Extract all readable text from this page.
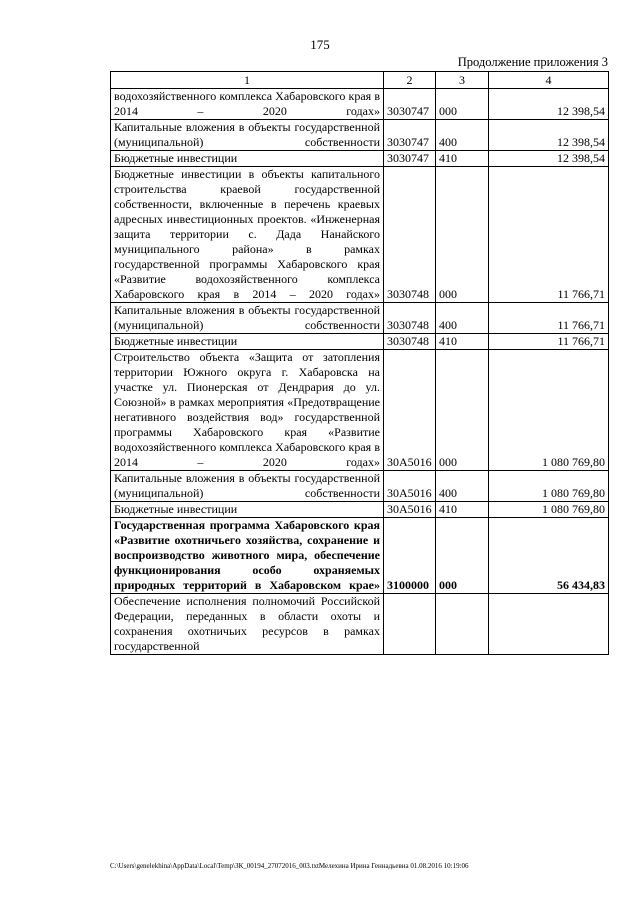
175
Продолжение приложения 3
1	2	3	4
водохозяйственного комплекса Хабаровского края в 2014 – 2020 годах»	3030747	000	12 398,54
Капитальные вложения в объекты государственной (муниципальной) собственности	3030747	400	12 398,54
Бюджетные инвестиции	3030747	410	12 398,54
Бюджетные инвестиции в объекты капитального строительства краевой государственной собственности, включенные в перечень краевых адресных инвестиционных проектов. «Инженерная защита территории с. Дада Нанайского муниципального района» в рамках государственной программы Хабаровского края «Развитие водохозяйственного комплекса Хабаровского края в 2014 – 2020 годах»	3030748	000	11 766,71
Капитальные вложения в объекты государственной (муниципальной) собственности	3030748	400	11 766,71
Бюджетные инвестиции	3030748	410	11 766,71
Строительство объекта «Защита от затопления территории Южного округа г. Хабаровска на участке ул. Пионерская от Дендрария до ул. Союзной» в рамках мероприятия «Предотвращение негативного воздействия вод» государственной программы Хабаровского края «Развитие водохозяйственного комплекса Хабаровского края в 2014 – 2020 годах»	30А5016	000	1 080 769,80
Капитальные вложения в объекты государственной (муниципальной) собственности	30А5016	400	1 080 769,80
Бюджетные инвестиции	30А5016	410	1 080 769,80
Государственная программа Хабаровского края «Развитие охотничьего хозяйства, сохранение и воспроизводство животного мира, обеспечение функционирования особо охраняемых природных территорий в Хабаровском крае»	3100000	000	56 434,83
Обеспечение исполнения полномочий Российской Федерации, переданных в области охоты и сохранения охотничьих ресурсов в рамках государственной			
C:\Users\genelekhina\AppData\Local\Temp\ЗК_00194_27072016_003.txtМелехина Ирина Геннадьевна 01.08.2016 10:19:06
